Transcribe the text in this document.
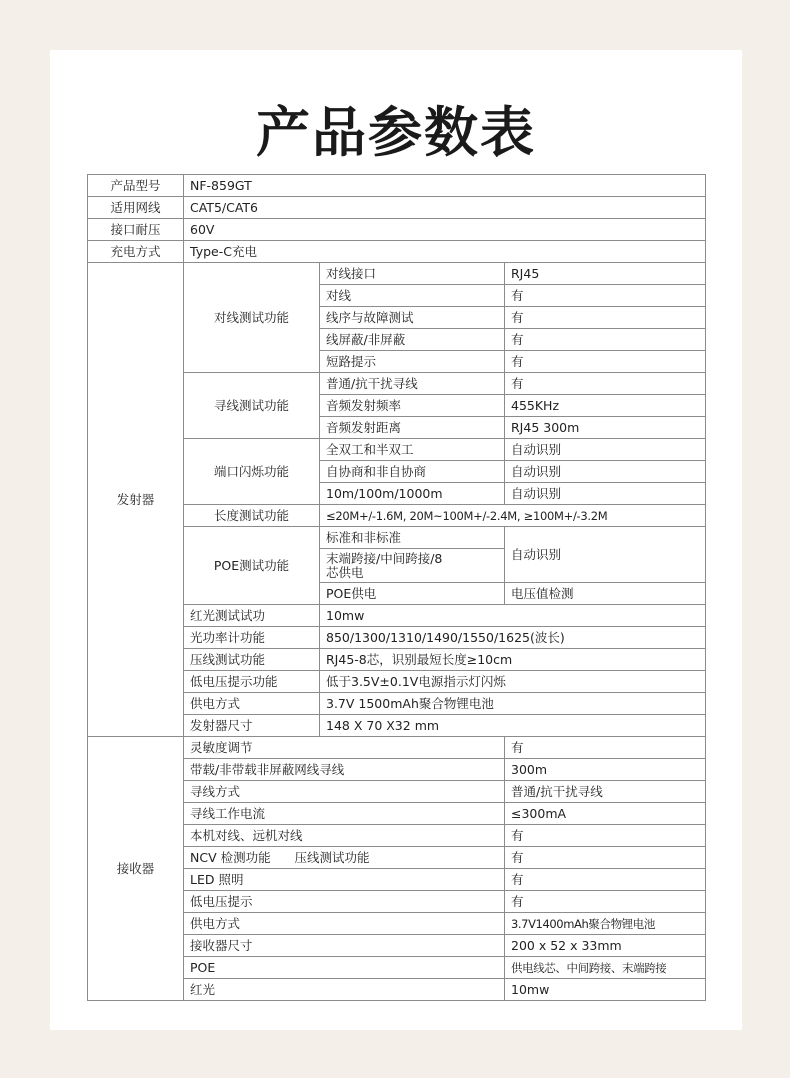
产品参数表
产品型号	NF-859GT		
适用网线	CAT5/CAT6		
接口耐压	60V		
充电方式	Type-C充电		
发射器	对线测试功能	对线接口	RJ45
		对线	有
		线序与故障测试	有
		线屏蔽/非屏蔽	有
		短路提示	有
	寻线测试功能	普通/抗干扰寻线	有
		音频发射频率	455KHz
		音频发射距离	RJ45 300m
	端口闪烁功能	全双工和半双工	自动识别
		自协商和非自协商	自动识别
		10m/100m/1000m	自动识别
	长度测试功能	≤20M+/-1.6M, 20M~100M+/-2.4M, ≥100M+/-3.2M	
	POE测试功能	标准和非标准	自动识别
		末端跨接/中间跨接/8芯供电	
		POE供电	电压值检测
	红光测试试功	10mw	
	光功率计功能	850/1300/1310/1490/1550/1625(波长)	
	压线测试功能	RJ45-8芯，识别最短长度≥10cm	
	低电压提示功能	低于3.5V±0.1V电源指示灯闪烁	
	供电方式	3.7V 1500mAh聚合物锂电池	
	发射器尺寸	148 X 70 X32 mm	
接收器	灵敏度调节		有
	带载/非带载非屏蔽网线寻线		300m
	寻线方式		普通/抗干扰寻线
	寻线工作电流		≤300mA
	本机对线、远机对线		有
	NCV 检测功能      压线测试功能		有
	LED 照明		有
	低电压提示		有
	供电方式		3.7V1400mAh聚合物锂电池
	接收器尺寸		200 x 52 x 33mm
	POE		供电线芯、中间跨接、末端跨接
	红光		10mw
